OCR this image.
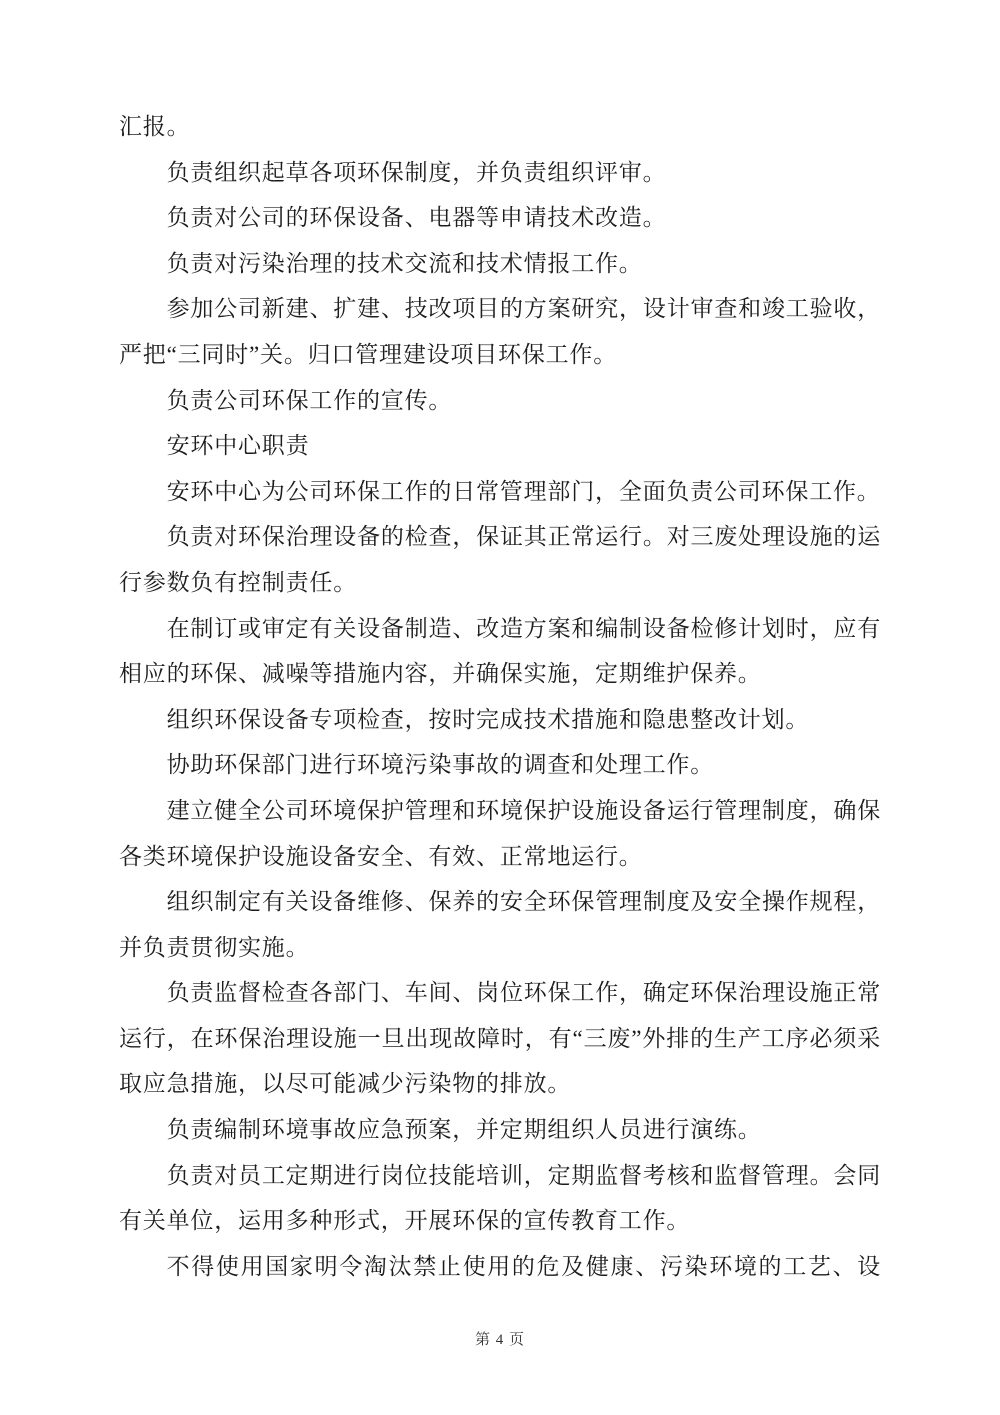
汇报。

负责组织起草各项环保制度，并负责组织评审。

负责对公司的环保设备、电器等申请技术改造。

负责对污染治理的技术交流和技术情报工作。

参加公司新建、扩建、技改项目的方案研究，设计审查和竣工验收，严把“三同时”关。归口管理建设项目环保工作。

负责公司环保工作的宣传。

安环中心职责

安环中心为公司环保工作的日常管理部门，全面负责公司环保工作。

负责对环保治理设备的检查，保证其正常运行。对三废处理设施的运行参数负有控制责任。

在制订或审定有关设备制造、改造方案和编制设备检修计划时，应有相应的环保、减噪等措施内容，并确保实施，定期维护保养。

组织环保设备专项检查，按时完成技术措施和隐患整改计划。

协助环保部门进行环境污染事故的调查和处理工作。

建立健全公司环境保护管理和环境保护设施设备运行管理制度，确保各类环境保护设施设备安全、有效、正常地运行。

组织制定有关设备维修、保养的安全环保管理制度及安全操作规程，并负责贯彻实施。

负责监督检查各部门、车间、岗位环保工作，确定环保治理设施正常运行，在环保治理设施一旦出现故障时，有“三废”外排的生产工序必须采取应急措施，以尽可能减少污染物的排放。

负责编制环境事故应急预案，并定期组织人员进行演练。

负责对员工定期进行岗位技能培训，定期监督考核和监督管理。会同有关单位，运用多种形式，开展环保的宣传教育工作。

不得使用国家明令淘汰禁止使用的危及健康、污染环境的工艺、设

第 4 页
